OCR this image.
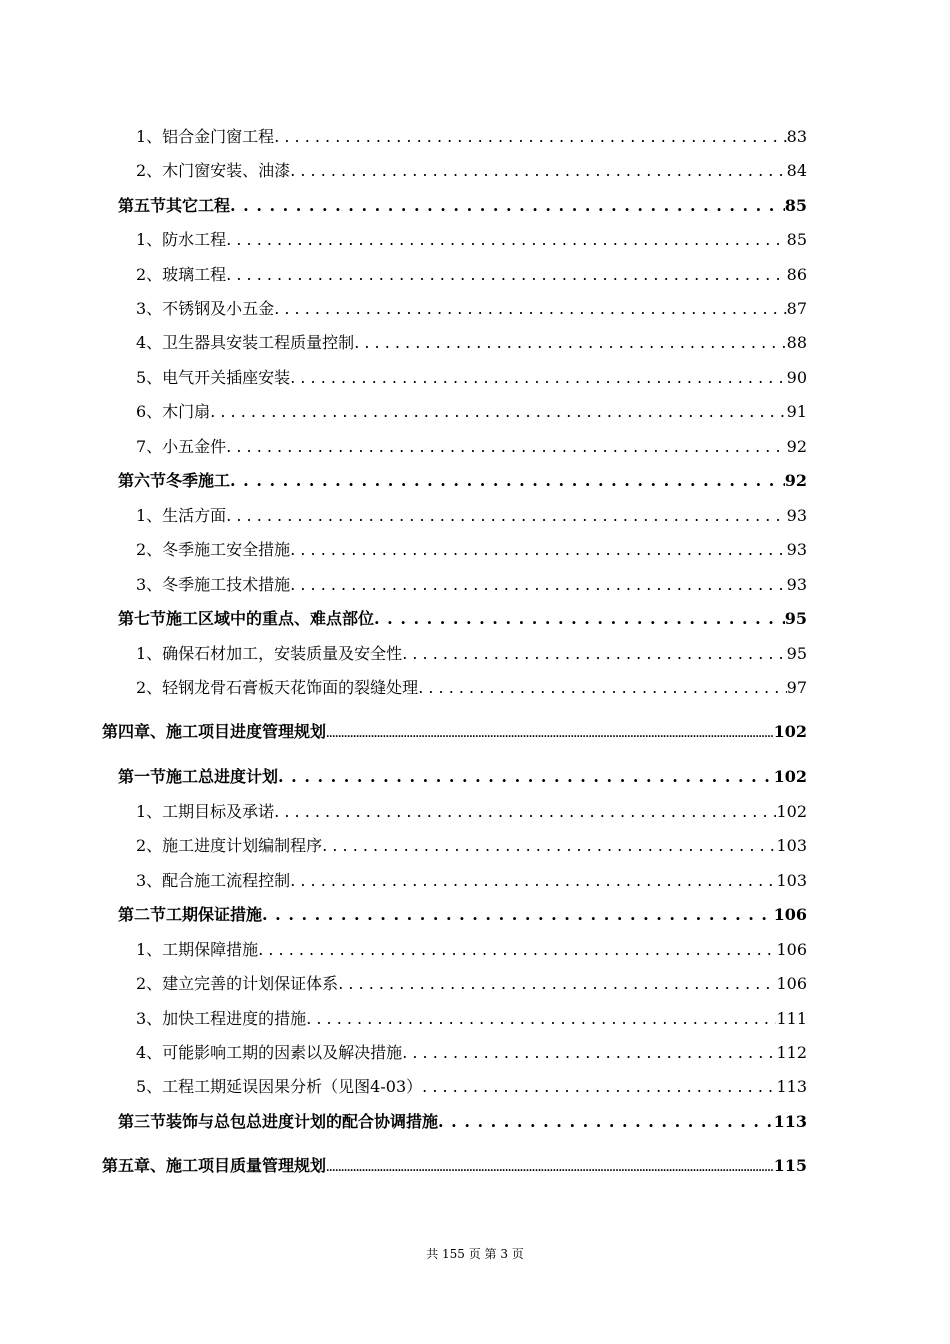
1、铝合金门窗工程 . . .	83
2、木门窗安装、油漆 . . .	84
第五节 其它工程 . . .	85
1、防水工程 . . .	85
2、玻璃工程 . . .	86
3、不锈钢及小五金 . . .	87
4、卫生器具安装工程质量控制 . . .	88
5、电气开关插座安装 . . .	90
6、木门扇 . . .	91
7、小五金件 . . .	92
第六节 冬季施工 . . .	92
1、生活方面 . . .	93
2、冬季施工安全措施 . . .	93
3、冬季施工技术措施 . . .	93
第七节 施工区域中的重点、难点部位 . . .	95
1、确保石材加工，安装质量及安全性 . . .	95
2、轻钢龙骨石膏板天花饰面的裂缝处理 . . .	97
第四章、施工项目进度管理规划 .....	102
第一节 施工总进度计划 . . .	102
1、工期目标及承诺 . . .	102
2、施工进度计划编制程序 . . .	103
3、配合施工流程控制 . . .	103
第二节 工期保证措施 . . .	106
1、工期保障措施 . . .	106
2、建立完善的计划保证体系 . . .	106
3、加快工程进度的措施 . . .	111
4、可能影响工期的因素以及解决措施 . . .	112
5、工程工期延误因果分析（见图4-03） . . .	113
第三节 装饰与总包总进度计划的配合协调措施 . . .	113
第五章、施工项目质量管理规划 .....	115
共 155 页 第 3 页
